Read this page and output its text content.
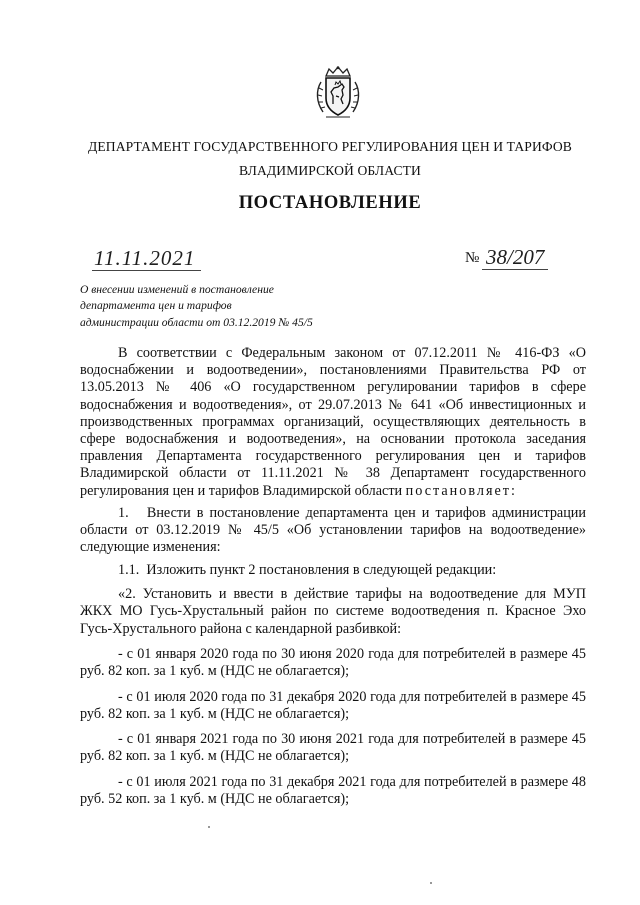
ДЕПАРТАМЕНТ ГОСУДАРСТВЕННОГО РЕГУЛИРОВАНИЯ ЦЕН И ТАРИФОВ
ВЛАДИМИРСКОЙ ОБЛАСТИ
ПОСТАНОВЛЕНИЕ
11.11.2021	№ 38/207
О внесении изменений в постановление
департамента цен и тарифов
администрации области от 03.12.2019 № 45/5

В соответствии с Федеральным законом от 07.12.2011 № 416-ФЗ «О водоснабжении и водоотведении», постановлениями Правительства РФ от 13.05.2013 № 406 «О государственном регулировании тарифов в сфере водоснабжения и водоотведения», от 29.07.2013 № 641 «Об инвестиционных и производственных программах организаций, осуществляющих деятельность в сфере водоснабжения и водоотведения», на основании протокола заседания правления Департамента государственного регулирования цен и тарифов Владимирской области от 11.11.2021 № 38 Департамент государственного регулирования цен и тарифов Владимирской области постановляет:

1.   Внести в постановление департамента цен и тарифов администрации области от 03.12.2019 № 45/5 «Об установлении тарифов на водоотведение» следующие изменения:

1.1.  Изложить пункт 2 постановления в следующей редакции:

«2. Установить и ввести в действие тарифы на водоотведение для МУП ЖКХ МО Гусь-Хрустальный район по системе водоотведения п. Красное Эхо Гусь-Хрустального района с календарной разбивкой:

- с 01 января 2020 года по 30 июня 2020 года для потребителей в размере 45 руб. 82 коп. за 1 куб. м (НДС не облагается);

- с 01 июля 2020 года по 31 декабря 2020 года для потребителей в размере 45 руб. 82 коп. за 1 куб. м (НДС не облагается);

- с 01 января 2021 года по 30 июня 2021 года для потребителей в размере 45 руб. 82 коп. за 1 куб. м (НДС не облагается);

- с 01 июля 2021 года по 31 декабря 2021 года для потребителей в размере 48 руб. 52 коп. за 1 куб. м (НДС не облагается);
